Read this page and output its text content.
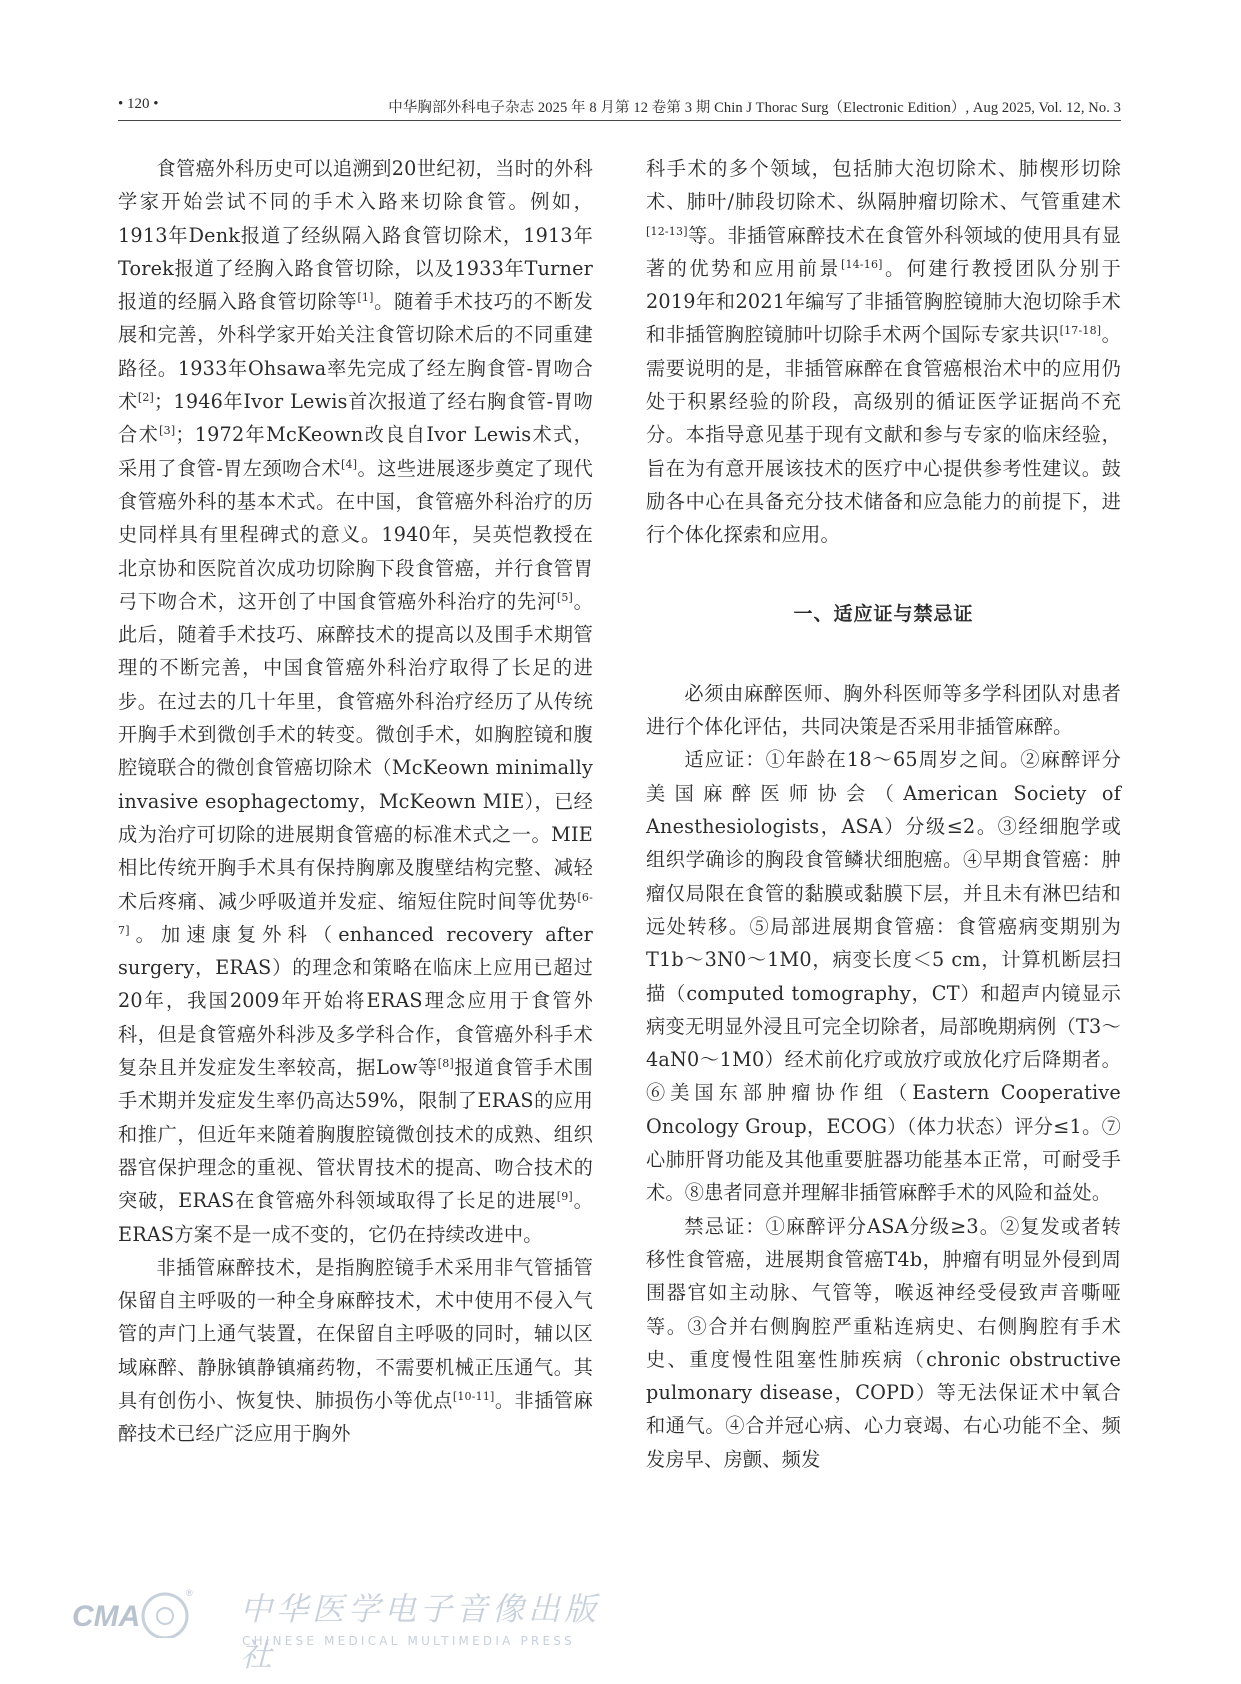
• 120 •	中华胸部外科电子杂志 2025 年 8 月第 12 卷第 3 期 Chin J Thorac Surg（Electronic Edition）, Aug 2025, Vol. 12, No. 3

食管癌外科历史可以追溯到20世纪初，当时的外科学家开始尝试不同的手术入路来切除食管。例如，1913年Denk报道了经纵隔入路食管切除术，1913年Torek报道了经胸入路食管切除，以及1933年Turner报道的经膈入路食管切除等[1]。随着手术技巧的不断发展和完善，外科学家开始关注食管切除术后的不同重建路径。1933年Ohsawa率先完成了经左胸食管-胃吻合术[2]；1946年Ivor Lewis首次报道了经右胸食管-胃吻合术[3]；1972年McKeown改良自Ivor Lewis术式，采用了食管-胃左颈吻合术[4]。这些进展逐步奠定了现代食管癌外科的基本术式。在中国，食管癌外科治疗的历史同样具有里程碑式的意义。1940年，吴英恺教授在北京协和医院首次成功切除胸下段食管癌，并行食管胃弓下吻合术，这开创了中国食管癌外科治疗的先河[5]。此后，随着手术技巧、麻醉技术的提高以及围手术期管理的不断完善，中国食管癌外科治疗取得了长足的进步。在过去的几十年里，食管癌外科治疗经历了从传统开胸手术到微创手术的转变。微创手术，如胸腔镜和腹腔镜联合的微创食管癌切除术（McKeown minimally invasive esophagectomy，McKeown MIE），已经成为治疗可切除的进展期食管癌的标准术式之一。MIE相比传统开胸手术具有保持胸廓及腹壁结构完整、减轻术后疼痛、减少呼吸道并发症、缩短住院时间等优势[6-7]。加速康复外科（enhanced recovery after surgery，ERAS）的理念和策略在临床上应用已超过20年，我国2009年开始将ERAS理念应用于食管外科，但是食管癌外科涉及多学科合作，食管癌外科手术复杂且并发症发生率较高，据Low等[8]报道食管手术围手术期并发症发生率仍高达59%，限制了ERAS的应用和推广，但近年来随着胸腹腔镜微创技术的成熟、组织器官保护理念的重视、管状胃技术的提高、吻合技术的突破，ERAS在食管癌外科领域取得了长足的进展[9]。ERAS方案不是一成不变的，它仍在持续改进中。

非插管麻醉技术，是指胸腔镜手术采用非气管插管保留自主呼吸的一种全身麻醉技术，术中使用不侵入气管的声门上通气装置，在保留自主呼吸的同时，辅以区域麻醉、静脉镇静镇痛药物，不需要机械正压通气。其具有创伤小、恢复快、肺损伤小等优点[10-11]。非插管麻醉技术已经广泛应用于胸外

科手术的多个领域，包括肺大泡切除术、肺楔形切除术、肺叶/肺段切除术、纵隔肿瘤切除术、气管重建术[12-13]等。非插管麻醉技术在食管外科领域的使用具有显著的优势和应用前景[14-16]。何建行教授团队分别于2019年和2021年编写了非插管胸腔镜肺大泡切除手术和非插管胸腔镜肺叶切除手术两个国际专家共识[17-18]。需要说明的是，非插管麻醉在食管癌根治术中的应用仍处于积累经验的阶段，高级别的循证医学证据尚不充分。本指导意见基于现有文献和参与专家的临床经验，旨在为有意开展该技术的医疗中心提供参考性建议。鼓励各中心在具备充分技术储备和应急能力的前提下，进行个体化探索和应用。

一、适应证与禁忌证

必须由麻醉医师、胸外科医师等多学科团队对患者进行个体化评估，共同决策是否采用非插管麻醉。

适应证：①年龄在18～65周岁之间。②麻醉评分美国麻醉医师协会（American Society of Anesthesiologists，ASA）分级≤2。③经细胞学或组织学确诊的胸段食管鳞状细胞癌。④早期食管癌：肿瘤仅局限在食管的黏膜或黏膜下层，并且未有淋巴结和远处转移。⑤局部进展期食管癌：食管癌病变期别为T1b～3N0～1M0，病变长度＜5 cm，计算机断层扫描（computed tomography，CT）和超声内镜显示病变无明显外浸且可完全切除者，局部晚期病例（T3～4aN0～1M0）经术前化疗或放疗或放化疗后降期者。⑥美国东部肿瘤协作组（Eastern Cooperative Oncology Group，ECOG）（体力状态）评分≤1。⑦心肺肝肾功能及其他重要脏器功能基本正常，可耐受手术。⑧患者同意并理解非插管麻醉手术的风险和益处。

禁忌证：①麻醉评分ASA分级≥3。②复发或者转移性食管癌，进展期食管癌T4b，肿瘤有明显外侵到周围器官如主动脉、气管等，喉返神经受侵致声音嘶哑等。③合并右侧胸腔严重粘连病史、右侧胸腔有手术史、重度慢性阻塞性肺疾病（chronic obstructive pulmonary disease，COPD）等无法保证术中氧合和通气。④合并冠心病、心力衰竭、右心功能不全、频发房早、房颤、频发

CMA
® 中华医学电子音像出版社
CHINESE MEDICAL MULTIMEDIA PRESS
